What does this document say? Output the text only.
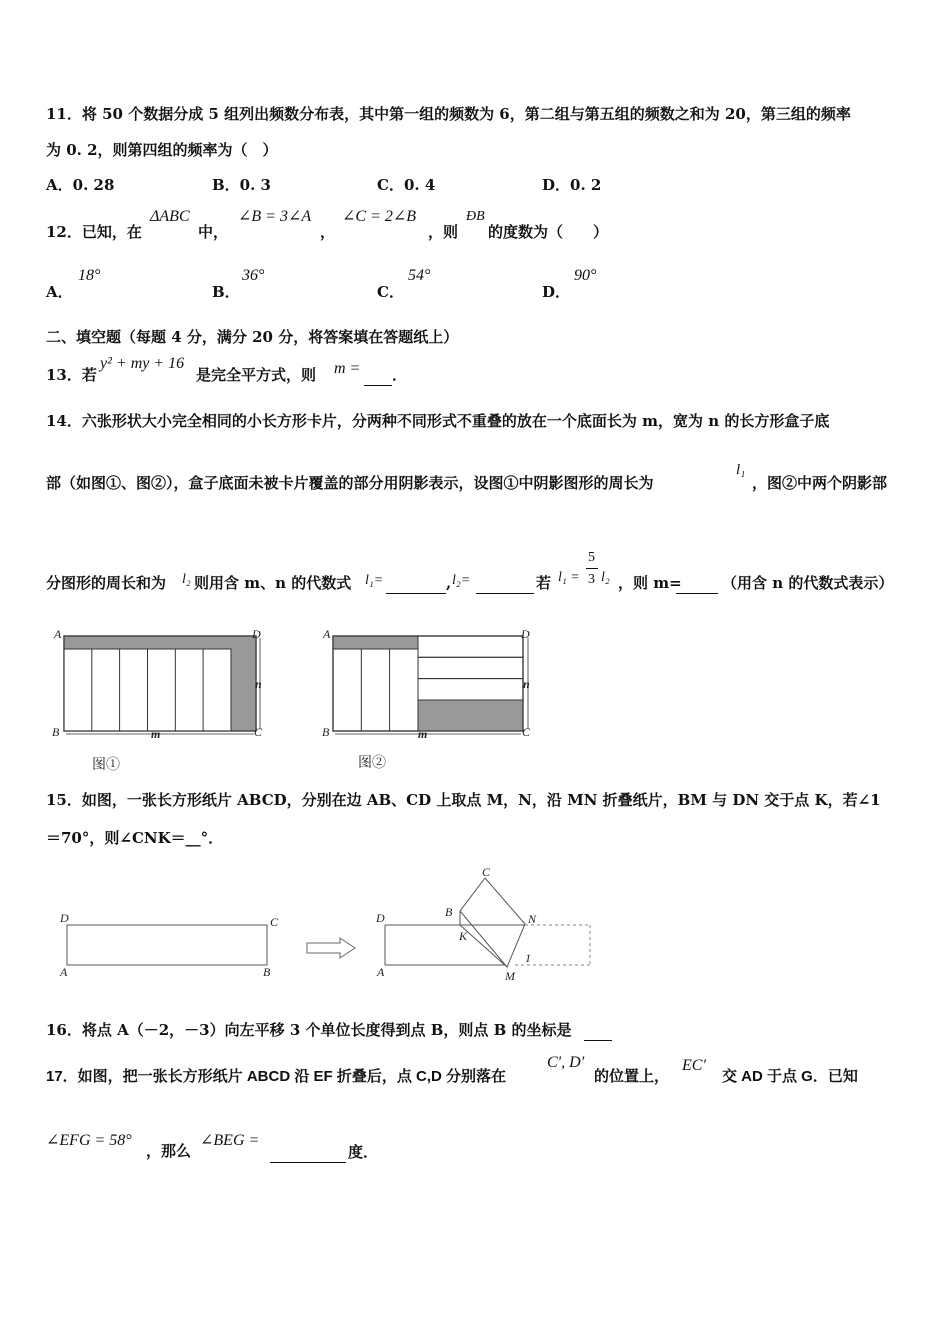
11．将 50 个数据分成 5 组列出频数分布表，其中第一组的频数为 6，第二组与第五组的频数之和为 20，第三组的频率
为 0. 2，则第四组的频率为（　）
A．0. 28	B．0. 3	C．0. 4	D．0. 2
12．已知，在
ΔABC
中，
∠B = 3∠A
，
∠C = 2∠B
，则
ÐB
的度数为（　　）
A．
18°
B．
36°
C．
54°
D．
90°
二、填空题（每题 4 分，满分 20 分，将答案填在答题纸上）
13．若
y² + my + 16
是完全平方式，则 m =
．
14．六张形状大小完全相同的小长方形卡片，分两种不同形式不重叠的放在一个底面长为 m，宽为 n 的长方形盒子底
部（如图①、图②），盒子底面未被卡片覆盖的部分用阴影表示，设图①中阴影图形的周长为
l₁
，图②中两个阴影部
分图形的周长和为 l₂ 则用含 m、n 的代数式 l₁=
	, l₂=
	若 l₁ =
5
3 l₂ ，则 m=
	（用含 n 的代数式表示）
A	D
B	C
n
m
图①
A	D
B	C
n
m
图②
15．如图，一张长方形纸片 ABCD，分别在边 AB、CD 上取点 M，N，沿 MN 折叠纸片，BM 与 DN 交于点 K，若∠1
＝70°，则∠CNK＝__°．
D	C
A	B
C
B	N
D
K
A	M
1
16．将点 A（－2，－3）向左平移 3 个单位长度得到点 B，则点 B 的坐标是

17．如图，把一张长方形纸片 ABCD 沿 EF 折叠后，点 C,D 分别落在
C′, D′
的位置上，
EC′
交 AD 于点 G．已知
∠EFG = 58°
，那么
∠BEG =

度．
